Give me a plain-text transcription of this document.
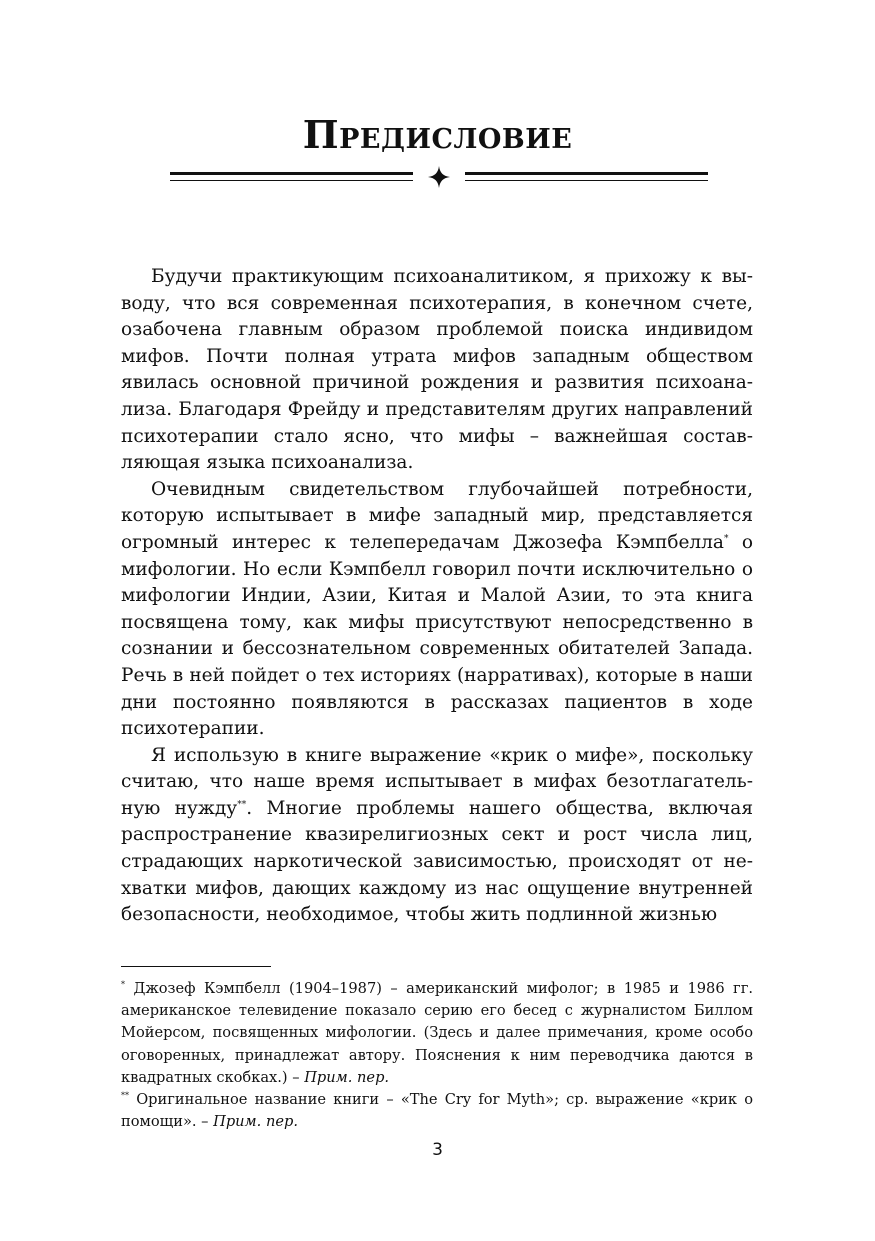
Предисловие

Будучи практикующим психоаналитиком, я прихожу к выводу, что вся современная психотерапия, в конечном счете, озабочена главным образом проблемой поиска индивидом мифов. Почти полная утрата мифов западным обществом явилась основной причиной рождения и развития психоанализа. Благодаря Фрейду и представителям других направлений психотерапии стало ясно, что мифы – важнейшая составляющая языка психоанализа.

Очевидным свидетельством глубочайшей потребности, которую испытывает в мифе западный мир, представляется огромный интерес к телепередачам Джозефа Кэмпбелла* о мифологии. Но если Кэмпбелл говорил почти исключительно о мифологии Индии, Азии, Китая и Малой Азии, то эта книга посвящена тому, как мифы присутствуют непосредственно в сознании и бессознательном современных обитателей Запада. Речь в ней пойдет о тех историях (нарративах), которые в наши дни постоянно появляются в рассказах пациентов в ходе психотерапии.

Я использую в книге выражение «крик о мифе», поскольку считаю, что наше время испытывает в мифах безотлагательную нужду**. Многие проблемы нашего общества, включая распространение квазирелигиозных сект и рост числа лиц, страдающих наркотической зависимостью, происходят от нехватки мифов, дающих каждому из нас ощущение внутренней безопасности, необходимое, чтобы жить подлинной жизнью

* Джозеф Кэмпбелл (1904–1987) – американский мифолог; в 1985 и 1986 гг. американское телевидение показало серию его бесед с журналистом Биллом Мойерсом, посвященных мифологии. (Здесь и далее примечания, кроме особо оговоренных, принадлежат автору. Пояснения к ним переводчика даются в квадратных скобках.) – Прим. пер.

** Оригинальное название книги – «The Cry for Myth»; ср. выражение «крик о помощи». – Прим. пер.

3
